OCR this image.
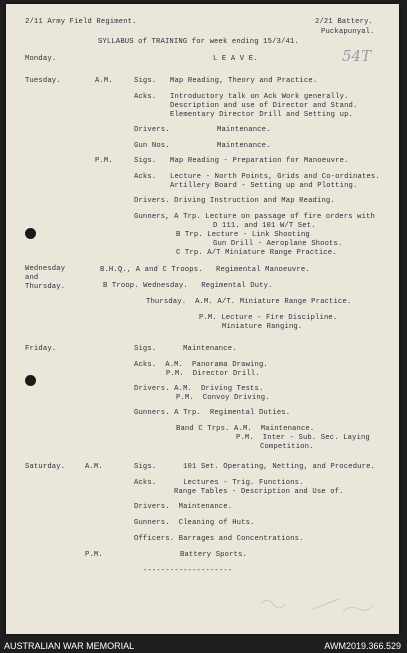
2/11 Army Field Regiment.	2/21 Battery.
Puckapunyal.
SYLLABUS of TRAINING for week ending 15/3/41.
54T
Monday.	L E A V E.
Tuesday.	A.M.	Sigs. Map Reading, Theory and Practice.
Acks. Introductory talk on Ack Work generally.
Description and use of Director and Stand.
Elementary Director Drill and Setting up.
Drivers.	Maintenance.
Gun Nos.	Maintenance.
P.M.	Sigs. Map Reading - Preparation for Manoeuvre.
Acks. Lecture - North Points, Grids and Co-ordinates.
Artillery Board - Setting up and Plotting.
Drivers. Driving Instruction and Map Reading.
Gunners, A Trp. Lecture on passage of fire orders with
D 111. and 101 W/T Set.
B Trp. Lecture - Link Shooting
Gun Drill - Aeroplane Shoots.
C Trp. A/T Miniature Range Practice.
Wednesday
and
Thursday.
B.H.Q., A and C Troops.   Regimental Manoeuvre.
B Troop. Wednesday.   Regimental Duty.
Thursday.  A.M. A/T. Miniature Range Practice.
P.M. Lecture - Fire Discipline.
Miniature Ranging.
Friday.	Sigs.      Maintenance.
Acks.  A.M.  Panorama Drawing.
P.M.  Director Drill.
Drivers. A.M.  Driving Tests.
P.M.  Convoy Driving.
Gunners. A Trp.  Regimental Duties.
Band C Trps. A.M.  Maintenance.
P.M.  Inter - Sub. Sec. Laying
Competition.
Saturday.	A.M.	Sigs.      101 Set. Operating, Netting, and Procedure.
Acks.      Lectures - Trig. Functions.
Range Tables - Description and Use of.
Drivers.  Maintenance.
Gunners.  Cleaning of Huts.
Officers. Barrages and Concentrations.
P.M.	Battery Sports.
--------------------
AUSTRALIAN WAR MEMORIAL	AWM2019.366.529
